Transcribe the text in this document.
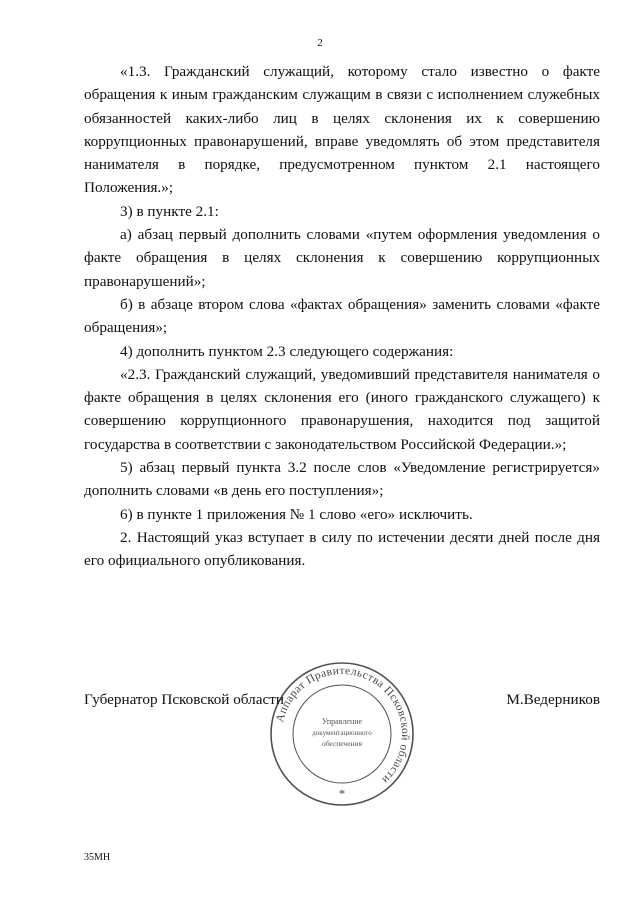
2

«1.3. Гражданский служащий, которому стало известно о факте обращения к иным гражданским служащим в связи с исполнением служебных обязанностей каких-либо лиц в целях склонения их к совершению коррупционных правонарушений, вправе уведомлять об этом представителя нанимателя в порядке, предусмотренном пунктом 2.1 настоящего Положения.»;

3) в пункте 2.1:

а) абзац первый дополнить словами «путем оформления уведомления о факте обращения в целях склонения к совершению коррупционных правонарушений»;

б) в абзаце втором слова «фактах обращения» заменить словами «факте обращения»;

4) дополнить пунктом 2.3 следующего содержания:

«2.3. Гражданский служащий, уведомивший представителя нанимателя о факте обращения в целях склонения его (иного гражданского служащего) к совершению коррупционного правонарушения, находится под защитой государства в соответствии с законодательством Российской Федерации.»;

5) абзац первый пункта 3.2 после слов «Уведомление регистрируется» дополнить словами «в день его поступления»;

6) в пункте 1 приложения № 1 слово «его» исключить.

2. Настоящий указ вступает в силу по истечении десяти дней после дня его официального опубликования.

Губернатор Псковской области	М.Ведерников
Аппарат Правительства Псковской области
Управление
документационного
обеспечения
*
35МН
